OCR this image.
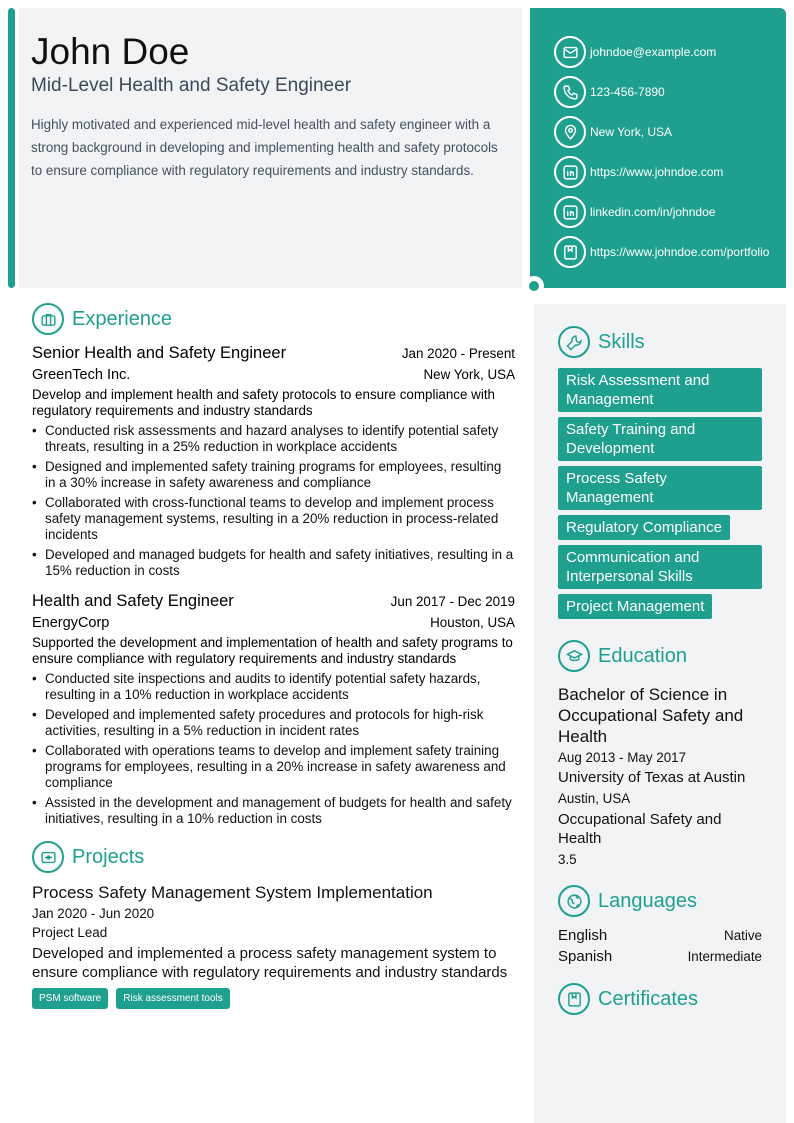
John Doe
Mid-Level Health and Safety Engineer
Highly motivated and experienced mid-level health and safety engineer with a strong background in developing and implementing health and safety protocols to ensure compliance with regulatory requirements and industry standards.
johndoe@example.com
123-456-7890
New York, USA
https://www.johndoe.com
linkedin.com/in/johndoe
https://www.johndoe.com/portfolio
Experience
Senior Health and Safety Engineer	Jan 2020 - Present
GreenTech Inc.	New York, USA
Develop and implement health and safety protocols to ensure compliance with regulatory requirements and industry standards
• Conducted risk assessments and hazard analyses to identify potential safety threats, resulting in a 25% reduction in workplace accidents
• Designed and implemented safety training programs for employees, resulting in a 30% increase in safety awareness and compliance
• Collaborated with cross-functional teams to develop and implement process safety management systems, resulting in a 20% reduction in process-related incidents
• Developed and managed budgets for health and safety initiatives, resulting in a 15% reduction in costs
Health and Safety Engineer	Jun 2017 - Dec 2019
EnergyCorp	Houston, USA
Supported the development and implementation of health and safety programs to ensure compliance with regulatory requirements and industry standards
• Conducted site inspections and audits to identify potential safety hazards, resulting in a 10% reduction in workplace accidents
• Developed and implemented safety procedures and protocols for high-risk activities, resulting in a 5% reduction in incident rates
• Collaborated with operations teams to develop and implement safety training programs for employees, resulting in a 20% increase in safety awareness and compliance
• Assisted in the development and management of budgets for health and safety initiatives, resulting in a 10% reduction in costs
Projects
Process Safety Management System Implementation
Jan 2020 - Jun 2020
Project Lead
Developed and implemented a process safety management system to ensure compliance with regulatory requirements and industry standards
PSM software	Risk assessment tools
Skills
Risk Assessment and Management Safety Training and Development Process Safety Management Regulatory Compliance Communication and Interpersonal Skills Project Management
Education
Bachelor of Science in Occupational Safety and Health
Aug 2013 - May 2017
University of Texas at Austin
Austin, USA
Occupational Safety and Health
3.5
Languages
English	Native
Spanish	Intermediate
Certificates
